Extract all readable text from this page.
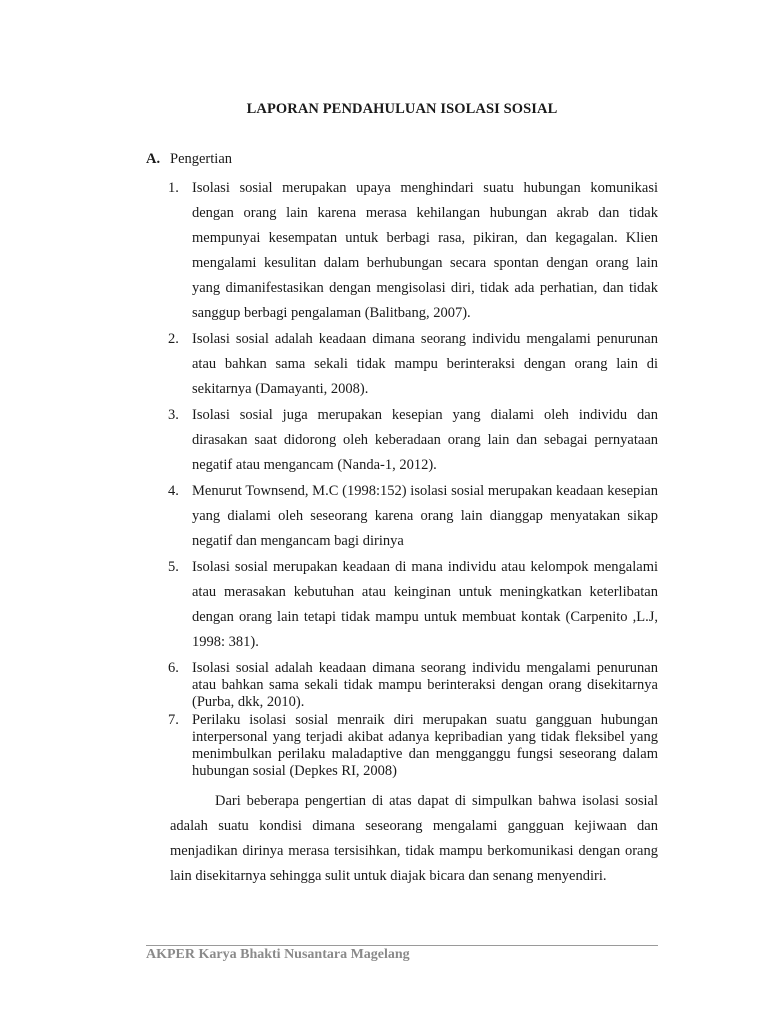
LAPORAN PENDAHULUAN ISOLASI SOSIAL
A. Pengertian
1. Isolasi sosial merupakan upaya menghindari suatu hubungan komunikasi dengan orang lain karena merasa kehilangan hubungan akrab dan tidak mempunyai kesempatan untuk berbagi rasa, pikiran, dan kegagalan. Klien mengalami kesulitan dalam berhubungan secara spontan dengan orang lain yang dimanifestasikan dengan mengisolasi diri, tidak ada perhatian, dan tidak sanggup berbagi pengalaman (Balitbang, 2007).
2. Isolasi sosial adalah keadaan dimana seorang individu mengalami penurunan atau bahkan sama sekali tidak mampu berinteraksi dengan orang lain di sekitarnya (Damayanti, 2008).
3. Isolasi sosial juga merupakan kesepian yang dialami oleh individu dan dirasakan saat didorong oleh keberadaan orang lain dan sebagai pernyataan negatif atau mengancam (Nanda-1, 2012).
4. Menurut Townsend, M.C (1998:152) isolasi sosial merupakan keadaan kesepian yang dialami oleh seseorang karena orang lain dianggap menyatakan sikap negatif dan mengancam bagi dirinya
5. Isolasi sosial merupakan keadaan di mana individu atau kelompok mengalami atau merasakan kebutuhan atau keinginan untuk meningkatkan keterlibatan dengan orang lain tetapi tidak mampu untuk membuat kontak (Carpenito ,L.J, 1998: 381).
6. Isolasi sosial adalah keadaan dimana seorang individu mengalami penurunan atau bahkan sama sekali tidak mampu berinteraksi dengan orang disekitarnya (Purba, dkk, 2010).
7. Perilaku isolasi sosial menraik diri merupakan suatu gangguan hubungan interpersonal yang terjadi akibat adanya kepribadian yang tidak fleksibel yang menimbulkan perilaku maladaptive dan mengganggu fungsi seseorang dalam hubungan sosial (Depkes RI, 2008)

Dari beberapa pengertian di atas dapat di simpulkan bahwa isolasi sosial adalah suatu kondisi dimana seseorang mengalami gangguan kejiwaan dan menjadikan dirinya merasa tersisihkan, tidak mampu berkomunikasi dengan orang lain disekitarnya sehingga sulit untuk diajak bicara dan senang menyendiri.

AKPER Karya Bhakti Nusantara Magelang
